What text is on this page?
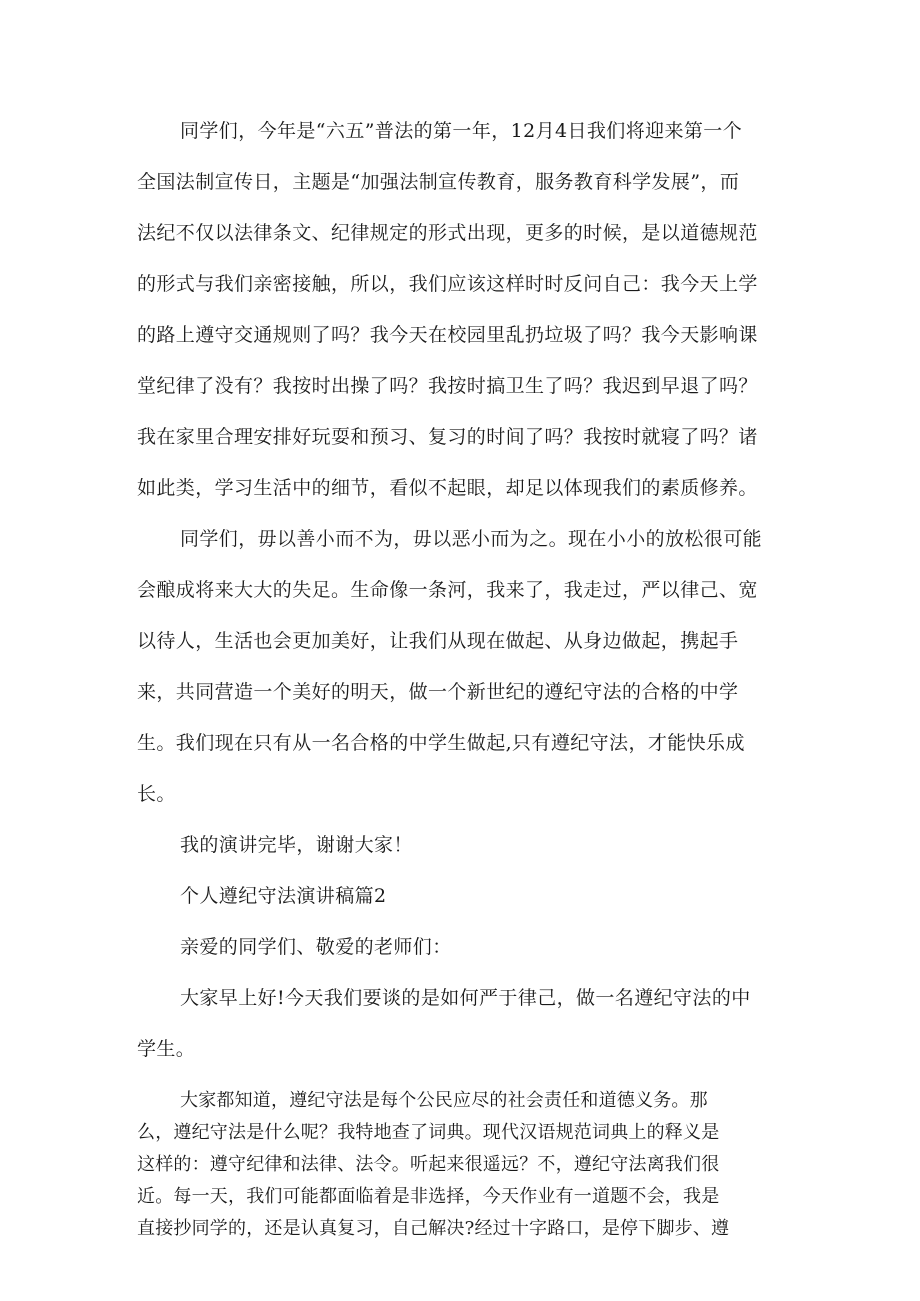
同学们，今年是“六五”普法的第一年，12月4日我们将迎来第一个

全国法制宣传日，主题是“加强法制宣传教育，服务教育科学发展”，而

法纪不仅以法律条文、纪律规定的形式出现，更多的时候，是以道德规范

的形式与我们亲密接触，所以，我们应该这样时时反问自己：我今天上学

的路上遵守交通规则了吗？我今天在校园里乱扔垃圾了吗？我今天影响课

堂纪律了没有？我按时出操了吗？我按时搞卫生了吗？我迟到早退了吗？

我在家里合理安排好玩耍和预习、复习的时间了吗？我按时就寝了吗？诸

如此类，学习生活中的细节，看似不起眼，却足以体现我们的素质修养。

同学们，毋以善小而不为，毋以恶小而为之。现在小小的放松很可能

会酿成将来大大的失足。生命像一条河，我来了，我走过，严以律己、宽

以待人，生活也会更加美好，让我们从现在做起、从身边做起，携起手

来，共同营造一个美好的明天，做一个新世纪的遵纪守法的合格的中学

生。我们现在只有从一名合格的中学生做起,只有遵纪守法，才能快乐成

长。

我的演讲完毕，谢谢大家！

个人遵纪守法演讲稿篇2

亲爱的同学们、敬爱的老师们：

大家早上好!今天我们要谈的是如何严于律己，做一名遵纪守法的中

学生。

大家都知道，遵纪守法是每个公民应尽的社会责任和道德义务。那

么，遵纪守法是什么呢？我特地查了词典。现代汉语规范词典上的释义是

这样的：遵守纪律和法律、法令。听起来很遥远？不，遵纪守法离我们很

近。每一天，我们可能都面临着是非选择，今天作业有一道题不会，我是

直接抄同学的，还是认真复习，自己解决?经过十字路口，是停下脚步、遵
